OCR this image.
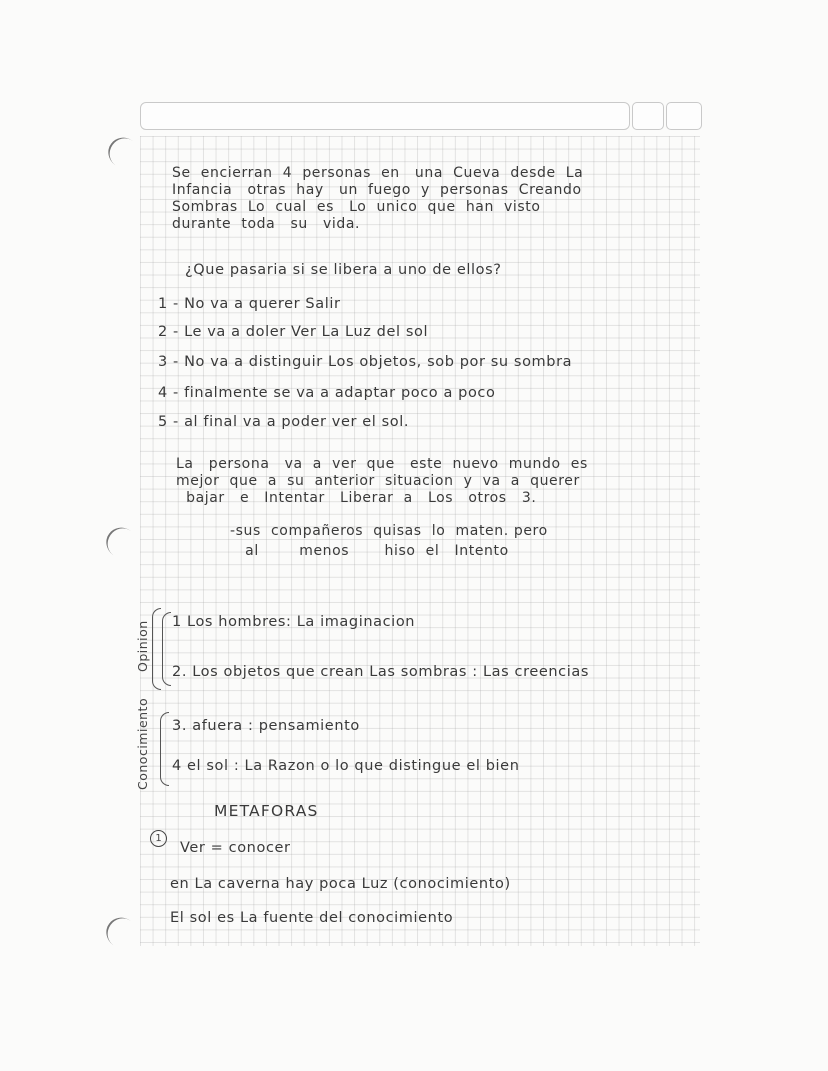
Se  encierran  4  personas  en   una  Cueva  desde  La
Infancia   otras  hay   un  fuego  y  personas  Creando
Sombras  Lo  cual  es   Lo  unico  que  han  visto
durante  toda   su   vida.
¿Que pasaria si se libera a uno de ellos?
1 - No va a querer Salir
2 - Le va a doler Ver La Luz del sol
3 - No va a distinguir Los objetos, sob por su sombra
4 - finalmente se va a adaptar poco a poco
5 - al final va a poder ver el sol.
La   persona   va  a  ver  que   este  nuevo  mundo  es
mejor  que  a  su  anterior  situacion  y  va  a  querer
bajar   e   Intentar   Liberar  a   Los   otros   3.
-sus  compañeros  quisas  lo  maten. pero
al        menos       hiso  el   Intento
Opinion
Conocimiento
1 Los hombres: La imaginacion
2. Los objetos que crean Las sombras : Las creencias
3. afuera : pensamiento
4 el sol : La Razon o lo que distingue el bien
METAFORAS
1
Ver = conocer
en La caverna hay poca Luz (conocimiento)
El sol es La fuente del conocimiento
